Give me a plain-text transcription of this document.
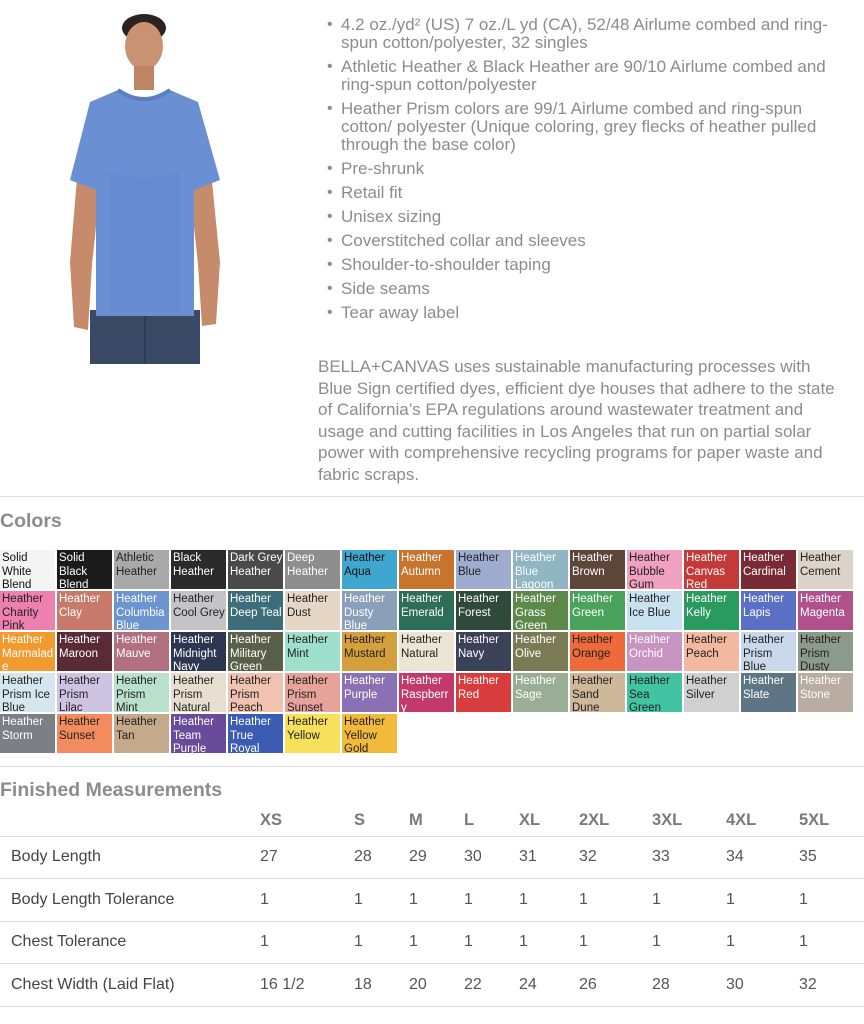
• 4.2 oz./yd² (US) 7 oz./L yd (CA), 52/48 Airlume combed and ring-spun cotton/polyester, 32 singles
• Athletic Heather & Black Heather are 90/10 Airlume combed and ring-spun cotton/polyester
• Heather Prism colors are 99/1 Airlume combed and ring-spun cotton/ polyester (Unique coloring, grey flecks of heather pulled through the base color)
• Pre-shrunk
• Retail fit
• Unisex sizing
• Coverstitched collar and sleeves
• Shoulder-to-shoulder taping
• Side seams
• Tear away label

BELLA+CANVAS uses sustainable manufacturing processes with Blue Sign certified dyes, efficient dye houses that adhere to the state of California’s EPA regulations around wastewater treatment and usage and cutting facilities in Los Angeles that run on partial solar power with comprehensive recycling programs for paper waste and fabric scraps.

Colors
Solid White Blend
Solid Black Blend
Athletic Heather
Black Heather
Dark Grey Heather
Deep Heather
Heather Aqua
Heather Autumn
Heather Blue
Heather Blue Lagoon
Heather Brown
Heather Bubble Gum
Heather Canvas Red
Heather Cardinal
Heather Cement
Heather Charity Pink
Heather Clay
Heather Columbia Blue
Heather Cool Grey
Heather Deep Teal
Heather Dust
Heather Dusty Blue
Heather Emerald
Heather Forest
Heather Grass Green
Heather Green
Heather Ice Blue
Heather Kelly
Heather Lapis
Heather Magenta
Heather Marmalade
Heather Maroon
Heather Mauve
Heather Midnight Navy
Heather Military Green
Heather Mint
Heather Mustard
Heather Natural
Heather Navy
Heather Olive
Heather Orange
Heather Orchid
Heather Peach
Heather Prism Blue
Heather Prism Dusty
Heather Prism Ice Blue
Heather Prism Lilac
Heather Prism Mint
Heather Prism Natural
Heather Prism Peach
Heather Prism Sunset
Heather Purple
Heather Raspberry
Heather Red
Heather Sage
Heather Sand Dune
Heather Sea Green
Heather Silver
Heather Slate
Heather Stone
Heather Storm
Heather Sunset
Heather Tan
Heather Team Purple
Heather True Royal
Heather Yellow
Heather Yellow Gold
Finished Measurements
	XS	S	M	L	XL	2XL	3XL	4XL	5XL
Body Length	27	28	29	30	31	32	33	34	35
Body Length Tolerance	1	1	1	1	1	1	1	1	1
Chest Tolerance	1	1	1	1	1	1	1	1	1
Chest Width (Laid Flat)	16 1/2	18	20	22	24	26	28	30	32
